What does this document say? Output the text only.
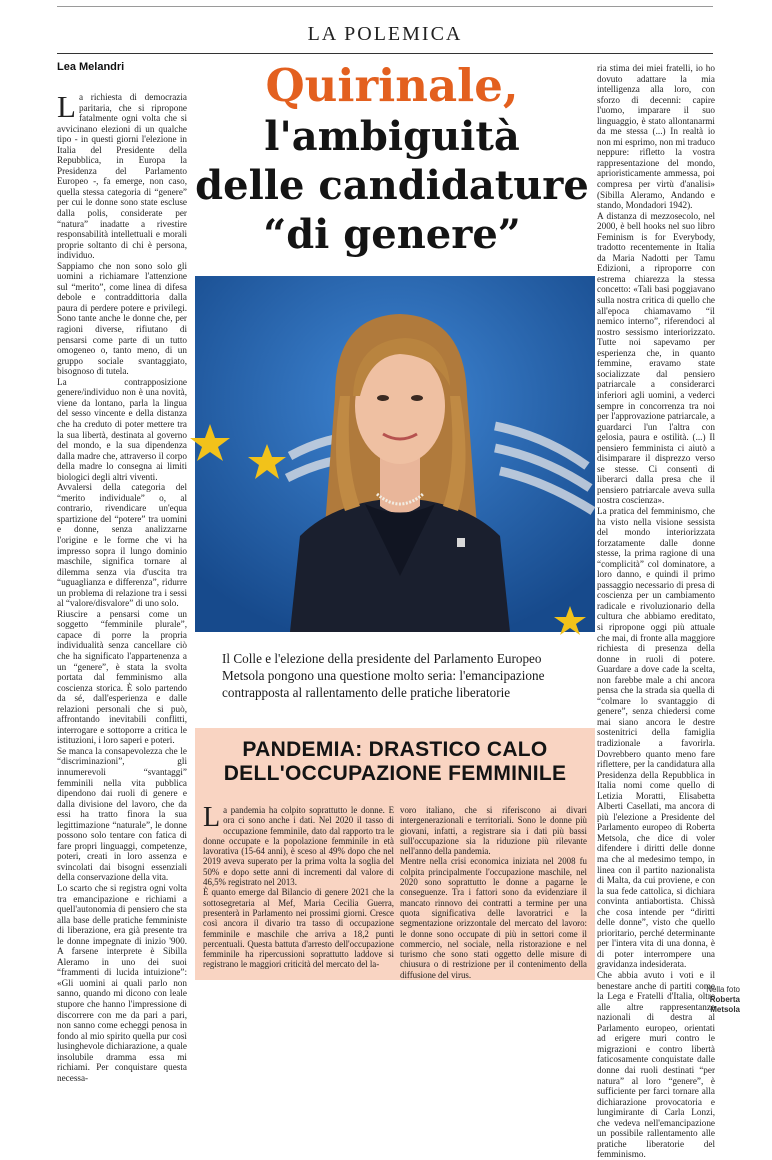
LA POLEMICA
Lea Melandri

La richiesta di democrazia paritaria, che si ripropone fatalmente ogni volta che si avvicinano elezioni di un qualche tipo - in questi giorni l'elezione in Italia del Presidente della Repubblica, in Europa la Presidenza del Parlamento Europeo -, fa emerge, non caso, quella stessa categoria di “genere” per cui le donne sono state escluse dalla polis, considerate per “natura” inadatte a rivestire responsabilità intellettuali e morali proprie soltanto di chi è persona, individuo.

Sappiamo che non sono solo gli uomini a richiamare l'attenzione sul “merito”, come linea di difesa debole e contraddittoria dalla paura di perdere potere e privilegi. Sono tante anche le donne che, per ragioni diverse, rifiutano di pensarsi come parte di un tutto omogeneo o, tanto meno, di un gruppo sociale svantaggiato, bisognoso di tutela.

La contrapposizione genere/individuo non è una novità, viene da lontano, parla la lingua del sesso vincente e della distanza che ha creduto di poter mettere tra la sua libertà, destinata al governo del mondo, e la sua dipendenza dalla madre che, attraverso il corpo della madre lo consegna ai limiti biologici degli altri viventi.

Avvalersi della categoria del “merito individuale” o, al contrario, rivendicare un'equa spartizione del “potere” tra uomini e donne, senza analizzarne l'origine e le forme che vi ha impresso sopra il lungo dominio maschile, significa tornare al dilemma senza via d'uscita tra “uguaglianza e differenza”, ridurre un problema di relazione tra i sessi al “valore/disvalore” di uno solo.

Riuscire a pensarsi come un soggetto “femminile plurale”, capace di porre la propria individualità senza cancellare ciò che ha significato l'appartenenza a un “genere”, è stata la svolta portata dal femminismo alla coscienza storica. È solo partendo da sé, dall'esperienza e dalle relazioni personali che si può, affrontando inevitabili conflitti, interrogare e sottoporre a critica le istituzioni, i loro saperi e poteri.

Se manca la consapevolezza che le “discriminazioni”, gli innumerevoli “svantaggi” femminili nella vita pubblica dipendono dai ruoli di genere e dalla divisione del lavoro, che da essi ha tratto finora la sua legittimazione “naturale”, le donne possono solo tentare con fatica di fare propri linguaggi, competenze, poteri, creati in loro assenza e svincolati dai bisogni essenziali della conservazione della vita.

Lo scarto che si registra ogni volta tra emancipazione e richiami a quell'autonomia di pensiero che sta alla base delle pratiche femministe di liberazione, era già presente tra le donne impegnate di inizio '900. A farsene interprete è Sibilla Aleramo in uno dei suoi “frammenti di lucida intuizione”: «Gli uomini ai quali parlo non sanno, quando mi dicono con leale stupore che hanno l'impressione di discorrere con me da pari a pari, non sanno come echeggi penosa in fondo al mio spirito quella pur così lusinghevole dichiarazione, a quale insolubile dramma essa mi richiami. Per conquistare questa necessa-

Quirinale,
l'ambiguità
delle candidature
“di genere”
Il Colle e l'elezione della presidente del Parlamento Europeo Metsola pongono una questione molto seria: l'emancipazione contrapposta al rallentamento delle pratiche liberatorie
PANDEMIA: DRASTICO CALO
DELL'OCCUPAZIONE FEMMINILE

La pandemia ha colpito soprattutto le donne. E ora ci sono anche i dati. Nel 2020 il tasso di occupazione femminile, dato dal rapporto tra le donne occupate e la popolazione femminile in età lavorativa (15-64 anni), è sceso al 49% dopo che nel 2019 aveva superato per la prima volta la soglia del 50% e dopo sette anni di incrementi dal valore di 46,5% registrato nel 2013.

È quanto emerge dal Bilancio di genere 2021 che la sottosegretaria al Mef, Maria Cecilia Guerra, presenterà in Parlamento nei prossimi giorni. Cresce così ancora il divario tra tasso di occupazione femminile e maschile che arriva a 18,2 punti percentuali. Questa battuta d'arresto dell'occupazione femminile ha ripercussioni soprattutto laddove si registrano le maggiori criticità del mercato del la-

voro italiano, che si riferiscono ai divari intergenerazionali e territoriali. Sono le donne più giovani, infatti, a registrare sia i dati più bassi sull'occupazione sia la riduzione più rilevante nell'anno della pandemia.

Mentre nella crisi economica iniziata nel 2008 fu colpita principalmente l'occupazione maschile, nel 2020 sono soprattutto le donne a pagarne le conseguenze. Tra i fattori sono da evidenziare il mancato rinnovo dei contratti a termine per una quota significativa delle lavoratrici e la segmentazione orizzontale del mercato del lavoro: le donne sono occupate di più in settori come il commercio, nel sociale, nella ristorazione e nel turismo che sono stati oggetto delle misure di chiusura o di restrizione per il contenimento della diffusione del virus.

ria stima dei miei fratelli, io ho dovuto adattare la mia intelligenza alla loro, con sforzo di decenni: capire l'uomo, imparare il suo linguaggio, è stato allontanarmi da me stessa (...) In realtà io non mi esprimo, non mi traduco neppure: rifletto la vostra rappresentazione del mondo, aprioristicamente ammessa, poi compresa per virtù d'analisi» (Sibilla Aleramo, Andando e stando, Mondadori 1942).

A distanza di mezzosecolo, nel 2000, è bell hooks nel suo libro Feminism is for Everybody, tradotto recentemente in Italia da Maria Nadotti per Tamu Edizioni, a riproporre con estrema chiarezza la stessa concetto: «Tali basi poggiavano sulla nostra critica di quello che all'epoca chiamavamo “il nemico interno”, riferendoci al nostro sessismo interiorizzato. Tutte noi sapevamo per esperienza che, in quanto femmine, eravamo state socializzate dal pensiero patriarcale a considerarci inferiori agli uomini, a vederci sempre in concorrenza tra noi per l'approvazione patriarcale, a guardarci l'un l'altra con gelosia, paura e ostilità. (...) Il pensiero femminista ci aiutò a disimparare il disprezzo verso se stesse. Ci consentì di liberarci dalla presa che il pensiero patriarcale aveva sulla nostra coscienza».

La pratica del femminismo, che ha visto nella visione sessista del mondo interiorizzata forzatamente dalle donne stesse, la prima ragione di una “complicità” col dominatore, a loro danno, e quindi il primo passaggio necessario di presa di coscienza per un cambiamento radicale e rivoluzionario della cultura che abbiamo ereditato, si ripropone oggi più attuale che mai, di fronte alla maggiore richiesta di presenza della donne in ruoli di potere. Guardare a dove cade la scelta, non farebbe male a chi ancora pensa che la strada sia quella di “colmare lo svantaggio di genere”, senza chiedersi come mai siano ancora le destre sostenitrici della famiglia tradizionale a favorirla. Dovrebbero quanto meno fare riflettere, per la candidatura alla Presidenza della Repubblica in Italia nomi come quello di Letizia Moratti, Elisabetta Alberti Casellati, ma ancora di più l'elezione a Presidente del Parlamento europeo di Roberta Metsola, che dice di voler difendere i diritti delle donne ma che al medesimo tempo, in linea con il partito nazionalista di Malta, da cui proviene, e con la sua fede cattolica, si dichiara convinta antiabortista. Chissà che cosa intende per “diritti delle donne”, visto che quello prioritario, perché determinante per l'intera vita di una donna, è di poter interrompere una gravidanza indesiderata.

Che abbia avuto i voti e il benestare anche di partiti come la Lega e Fratelli d'Italia, oltre alle altre rappresentanze nazionali di destra al Parlamento europeo, orientati ad erigere muri contro le migrazioni e contro libertà faticosamente conquistate dalle donne dai ruoli destinati “per natura” al loro “genere”, è sufficiente per farci tornare alla dichiarazione provocatoria e lungimirante di Carla Lonzi, che vedeva nell'emancipazione un possibile rallentamento alle pratiche liberatorie del femminismo.

Nella foto
Roberta Metsola
